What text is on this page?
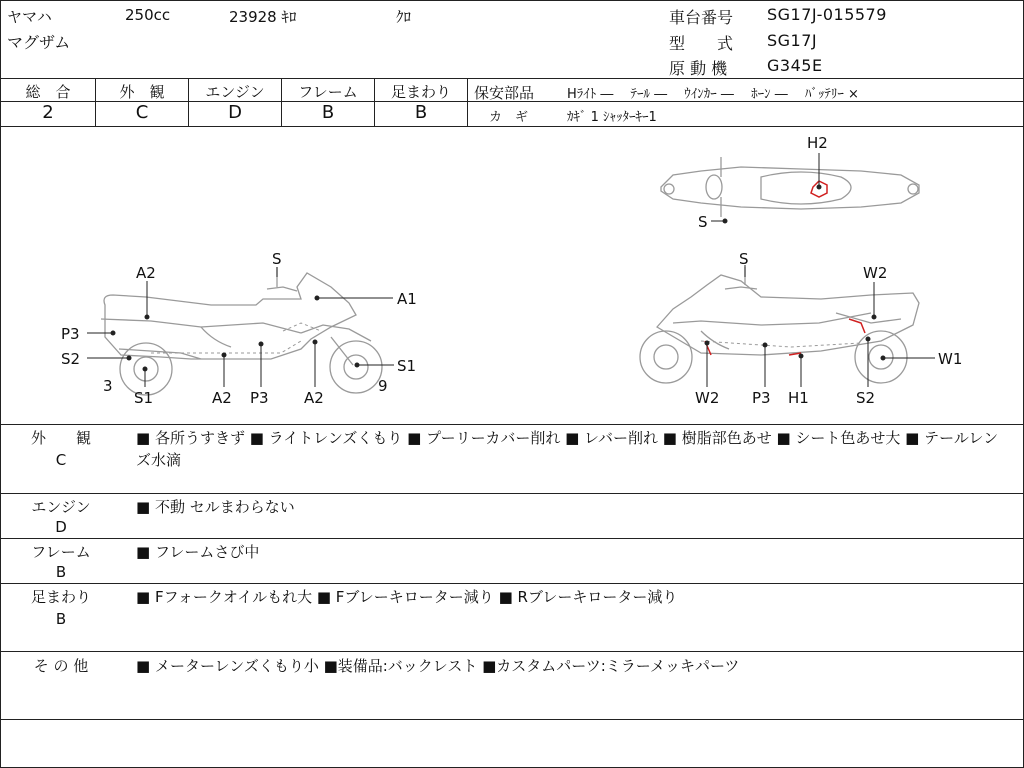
ヤマハ	250cc	23928 ｷﾛ	ｸﾛ
マグザム
車台番号 SG17J-015579
型　　式 SG17J
原 動 機 G345E
総　合	外　観	エンジン	フレーム	足まわり
2	C	D	B	B
保安部品	Hﾗｲﾄ ―　 ﾃｰﾙ ―　 ｳｲﾝｶｰ ―　 ﾎｰﾝ ―　 ﾊﾞｯﾃﾘｰ ×
カ　ギ	ｶｷﾞ 1 ｼｬｯﾀｰｷｰ1
A2
P3
S2
S
A1
S1
3
S1	A2 P3 A2
9
S
W2
W1
W2 P3 H1	S2
H2
S
外　　観
C
■ 各所うすきず ■ ライトレンズくもり ■ プーリーカバー削れ ■ レバー削れ ■ 樹脂部色あせ ■ シート色あせ大 ■ テールレンズ水滴
エンジン
D
■ 不動 セルまわらない
フレーム
B
■ フレームさび中
足まわり
B
■ Fフォークオイルもれ大 ■ Fブレーキローター減り ■ Rブレーキローター減り
そ の 他	■ メーターレンズくもり小 ■装備品:バックレスト ■カスタムパーツ:ミラーメッキパーツ
